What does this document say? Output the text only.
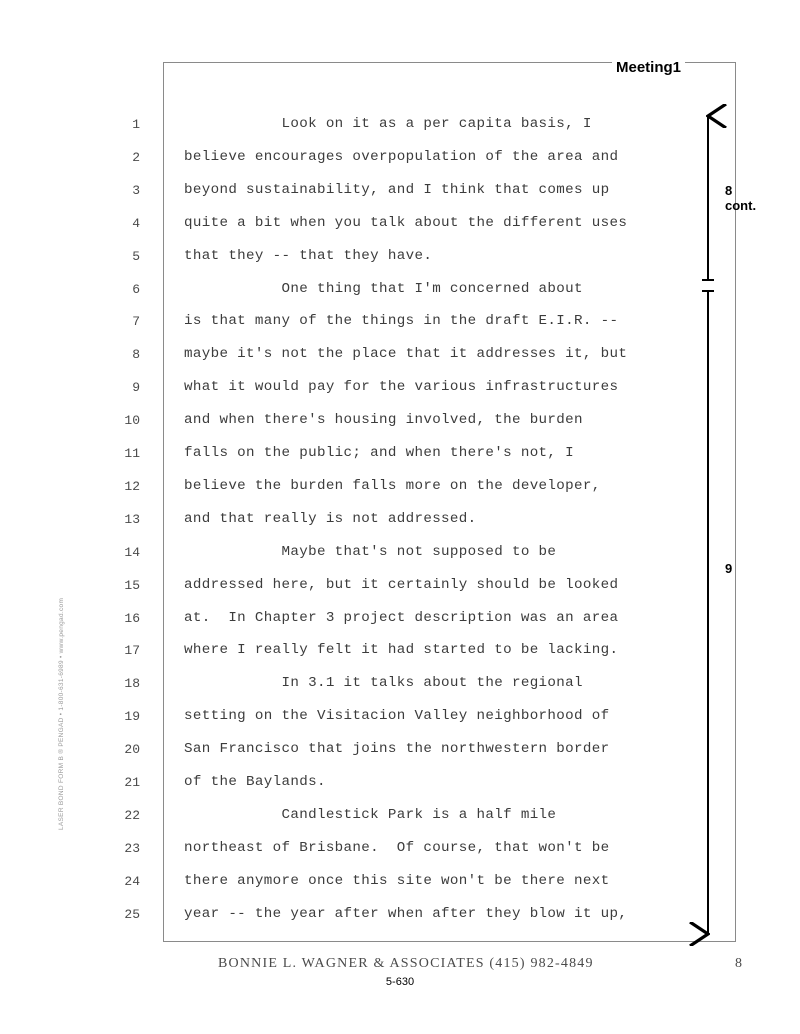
Meeting1
1	Look on it as a per capita basis, I
2	believe encourages overpopulation of the area and
3	beyond sustainability, and I think that comes up
4	quite a bit when you talk about the different uses
5	that they -- that they have.
6	One thing that I'm concerned about
7	is that many of the things in the draft E.I.R. --
8	maybe it's not the place that it addresses it, but
9	what it would pay for the various infrastructures
10	and when there's housing involved, the burden
11	falls on the public; and when there's not, I
12	believe the burden falls more on the developer,
13	and that really is not addressed.
14	Maybe that's not supposed to be
15	addressed here, but it certainly should be looked
16	at.  In Chapter 3 project description was an area
17	where I really felt it had started to be lacking.
18	In 3.1 it talks about the regional
19	setting on the Visitacion Valley neighborhood of
20	San Francisco that joins the northwestern border
21	of the Baylands.
22	Candlestick Park is a half mile
23	northeast of Brisbane.  Of course, that won't be
24	there anymore once this site won't be there next
25	year -- the year after when after they blow it up,
8
cont.
9
LASER BOND FORM B ® PENGAD • 1-800-631-6989 • www.pengad.com
BONNIE L. WAGNER & ASSOCIATES (415) 982-4849	8
5-630
